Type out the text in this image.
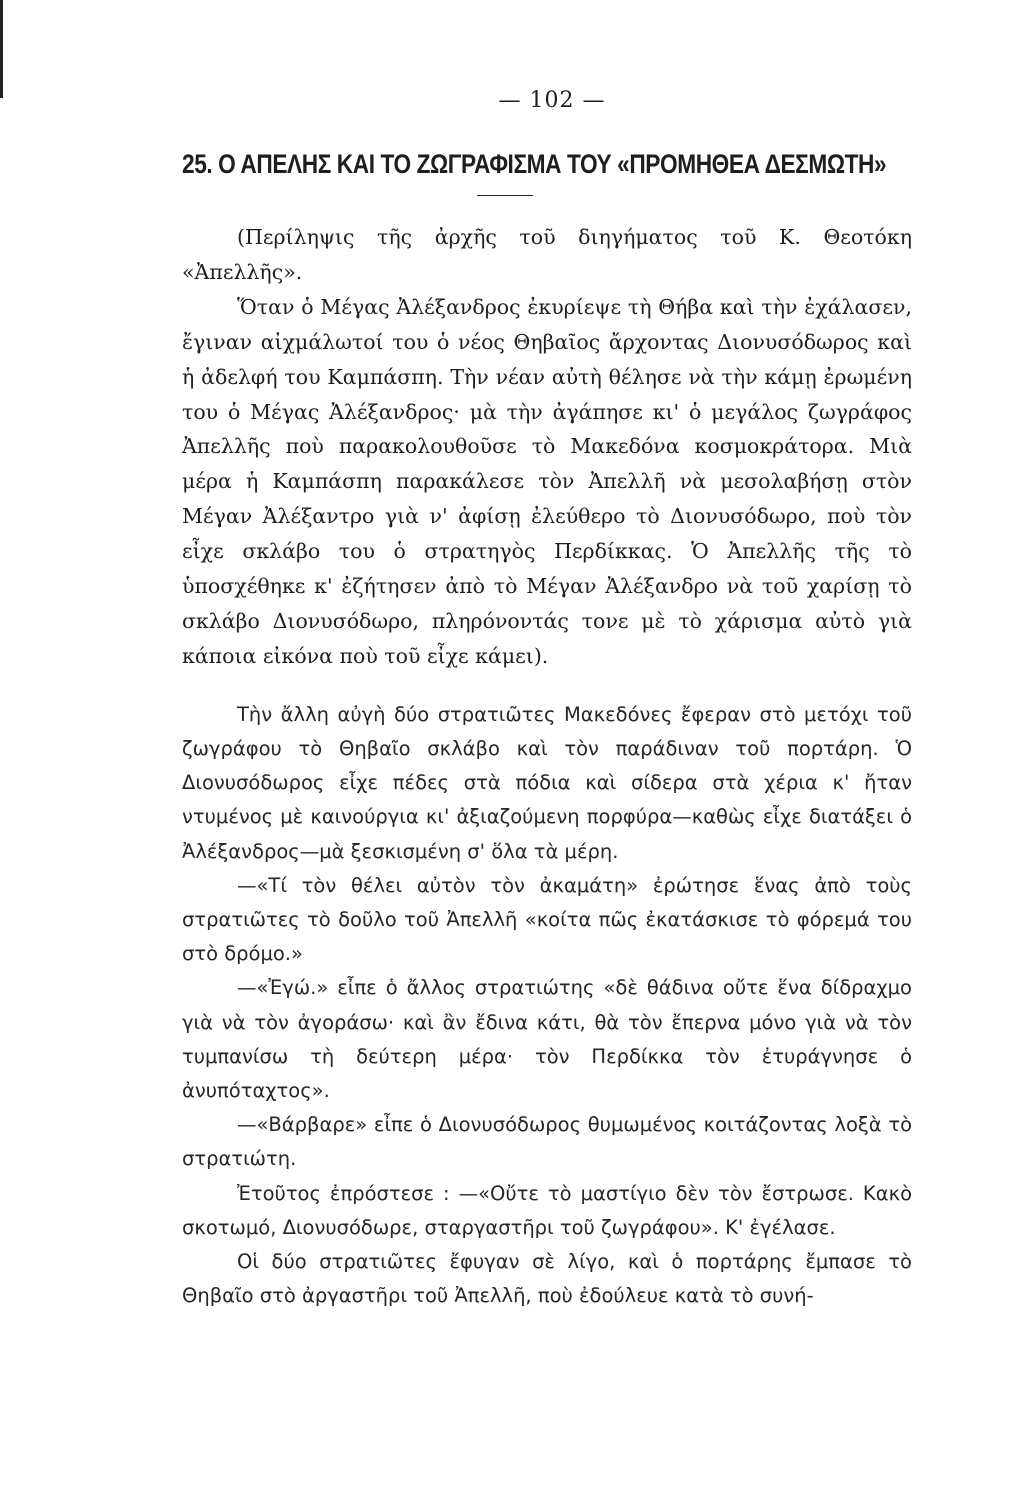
— 102 —
25. Ο ΑΠΕΛΗΣ ΚΑΙ ΤΟ ΖΩΓΡΑΦΙΣΜΑ ΤΟΥ «ΠΡΟΜΗΘΕΑ ΔΕΣΜΩΤΗ»

(Περίληψις τῆς ἀρχῆς τοῦ διηγήματος τοῦ Κ. Θεοτόκη «Ἀπελλῆς».

Ὅταν ὁ Μέγας Ἀλέξανδρος ἐκυρίεψε τὴ Θήβα καὶ τὴν ἐχάλασεν, ἔγιναν αἰχμάλωτοί του ὁ νέος Θηβαῖος ἄρχοντας Διονυσόδωρος καὶ ἡ ἀδελφή του Καμπάσπη. Τὴν νέαν αὐτὴ θέλησε νὰ τὴν κάμῃ ἐρωμένη του ὁ Μέγας Ἀλέξανδρος· μὰ τὴν ἀγάπησε κι' ὁ μεγάλος ζωγράφος Ἀπελλῆς ποὺ παρακολουθοῦσε τὸ Μακεδόνα κοσμοκράτορα. Μιὰ μέρα ἡ Καμπάσπη παρακάλεσε τὸν Ἀπελλῆ νὰ μεσολαβήσῃ στὸν Μέγαν Ἀλέξαντρο γιὰ ν' ἀφίσῃ ἐλεύθερο τὸ Διονυσόδωρο, ποὺ τὸν εἶχε σκλάβο του ὁ στρατηγὸς Περδίκκας. Ὁ Ἀπελλῆς τῆς τὸ ὑποσχέθηκε κ' ἐζήτησεν ἀπὸ τὸ Μέγαν Ἀλέξανδρο νὰ τοῦ χαρίσῃ τὸ σκλάβο Διονυσόδωρο, πληρόνοντάς τονε μὲ τὸ χάρισμα αὐτὸ γιὰ κάποια εἰκόνα ποὺ τοῦ εἶχε κάμει).

Τὴν ἄλλη αὐγὴ δύο στρατιῶτες Μακεδόνες ἔφεραν στὸ μετόχι τοῦ ζωγράφου τὸ Θηβαῖο σκλάβο καὶ τὸν παράδιναν τοῦ πορτάρη. Ὁ Διονυσόδωρος εἶχε πέδες στὰ πόδια καὶ σίδερα στὰ χέρια κ' ἤταν ντυμένος μὲ καινούργια κι' ἀξιαζούμενη πορφύρα—καθὼς εἶχε διατάξει ὁ Ἀλέξανδρος—μὰ ξεσκισμένη σ' ὅλα τὰ μέρη.

—«Τί τὸν θέλει αὐτὸν τὸν ἀκαμάτη» ἐρώτησε ἕνας ἀπὸ τοὺς στρατιῶτες τὸ δοῦλο τοῦ Ἀπελλῆ «κοίτα πῶς ἐκατάσκισε τὸ φόρεμά του στὸ δρόμο.»

—«Ἐγώ.» εἶπε ὁ ἄλλος στρατιώτης «δὲ θάδινα οὔτε ἕνα δίδραχμο γιὰ νὰ τὸν ἀγοράσω· καὶ ἂν ἔδινα κάτι, θὰ τὸν ἔπερνα μόνο γιὰ νὰ τὸν τυμπανίσω τὴ δεύτερη μέρα· τὸν Περδίκκα τὸν ἐτυράγνησε ὁ ἀνυπόταχτος».

—«Βάρβαρε» εἶπε ὁ Διονυσόδωρος θυμωμένος κοιτάζοντας λοξὰ τὸ στρατιώτη.

Ἐτοῦτος ἐπρόστεσε : —«Οὔτε τὸ μαστίγιο δὲν τὸν ἔστρωσε. Κακὸ σκοτωμό, Διονυσόδωρε, σταργαστῆρι τοῦ ζωγράφου». Κ' ἐγέλασε.

Οἱ δύο στρατιῶτες ἔφυγαν σὲ λίγο, καὶ ὁ πορτάρης ἔμπασε τὸ Θηβαῖο στὸ ἀργαστῆρι τοῦ Ἀπελλῆ, ποὺ ἐδούλευε κατὰ τὸ συνή-
